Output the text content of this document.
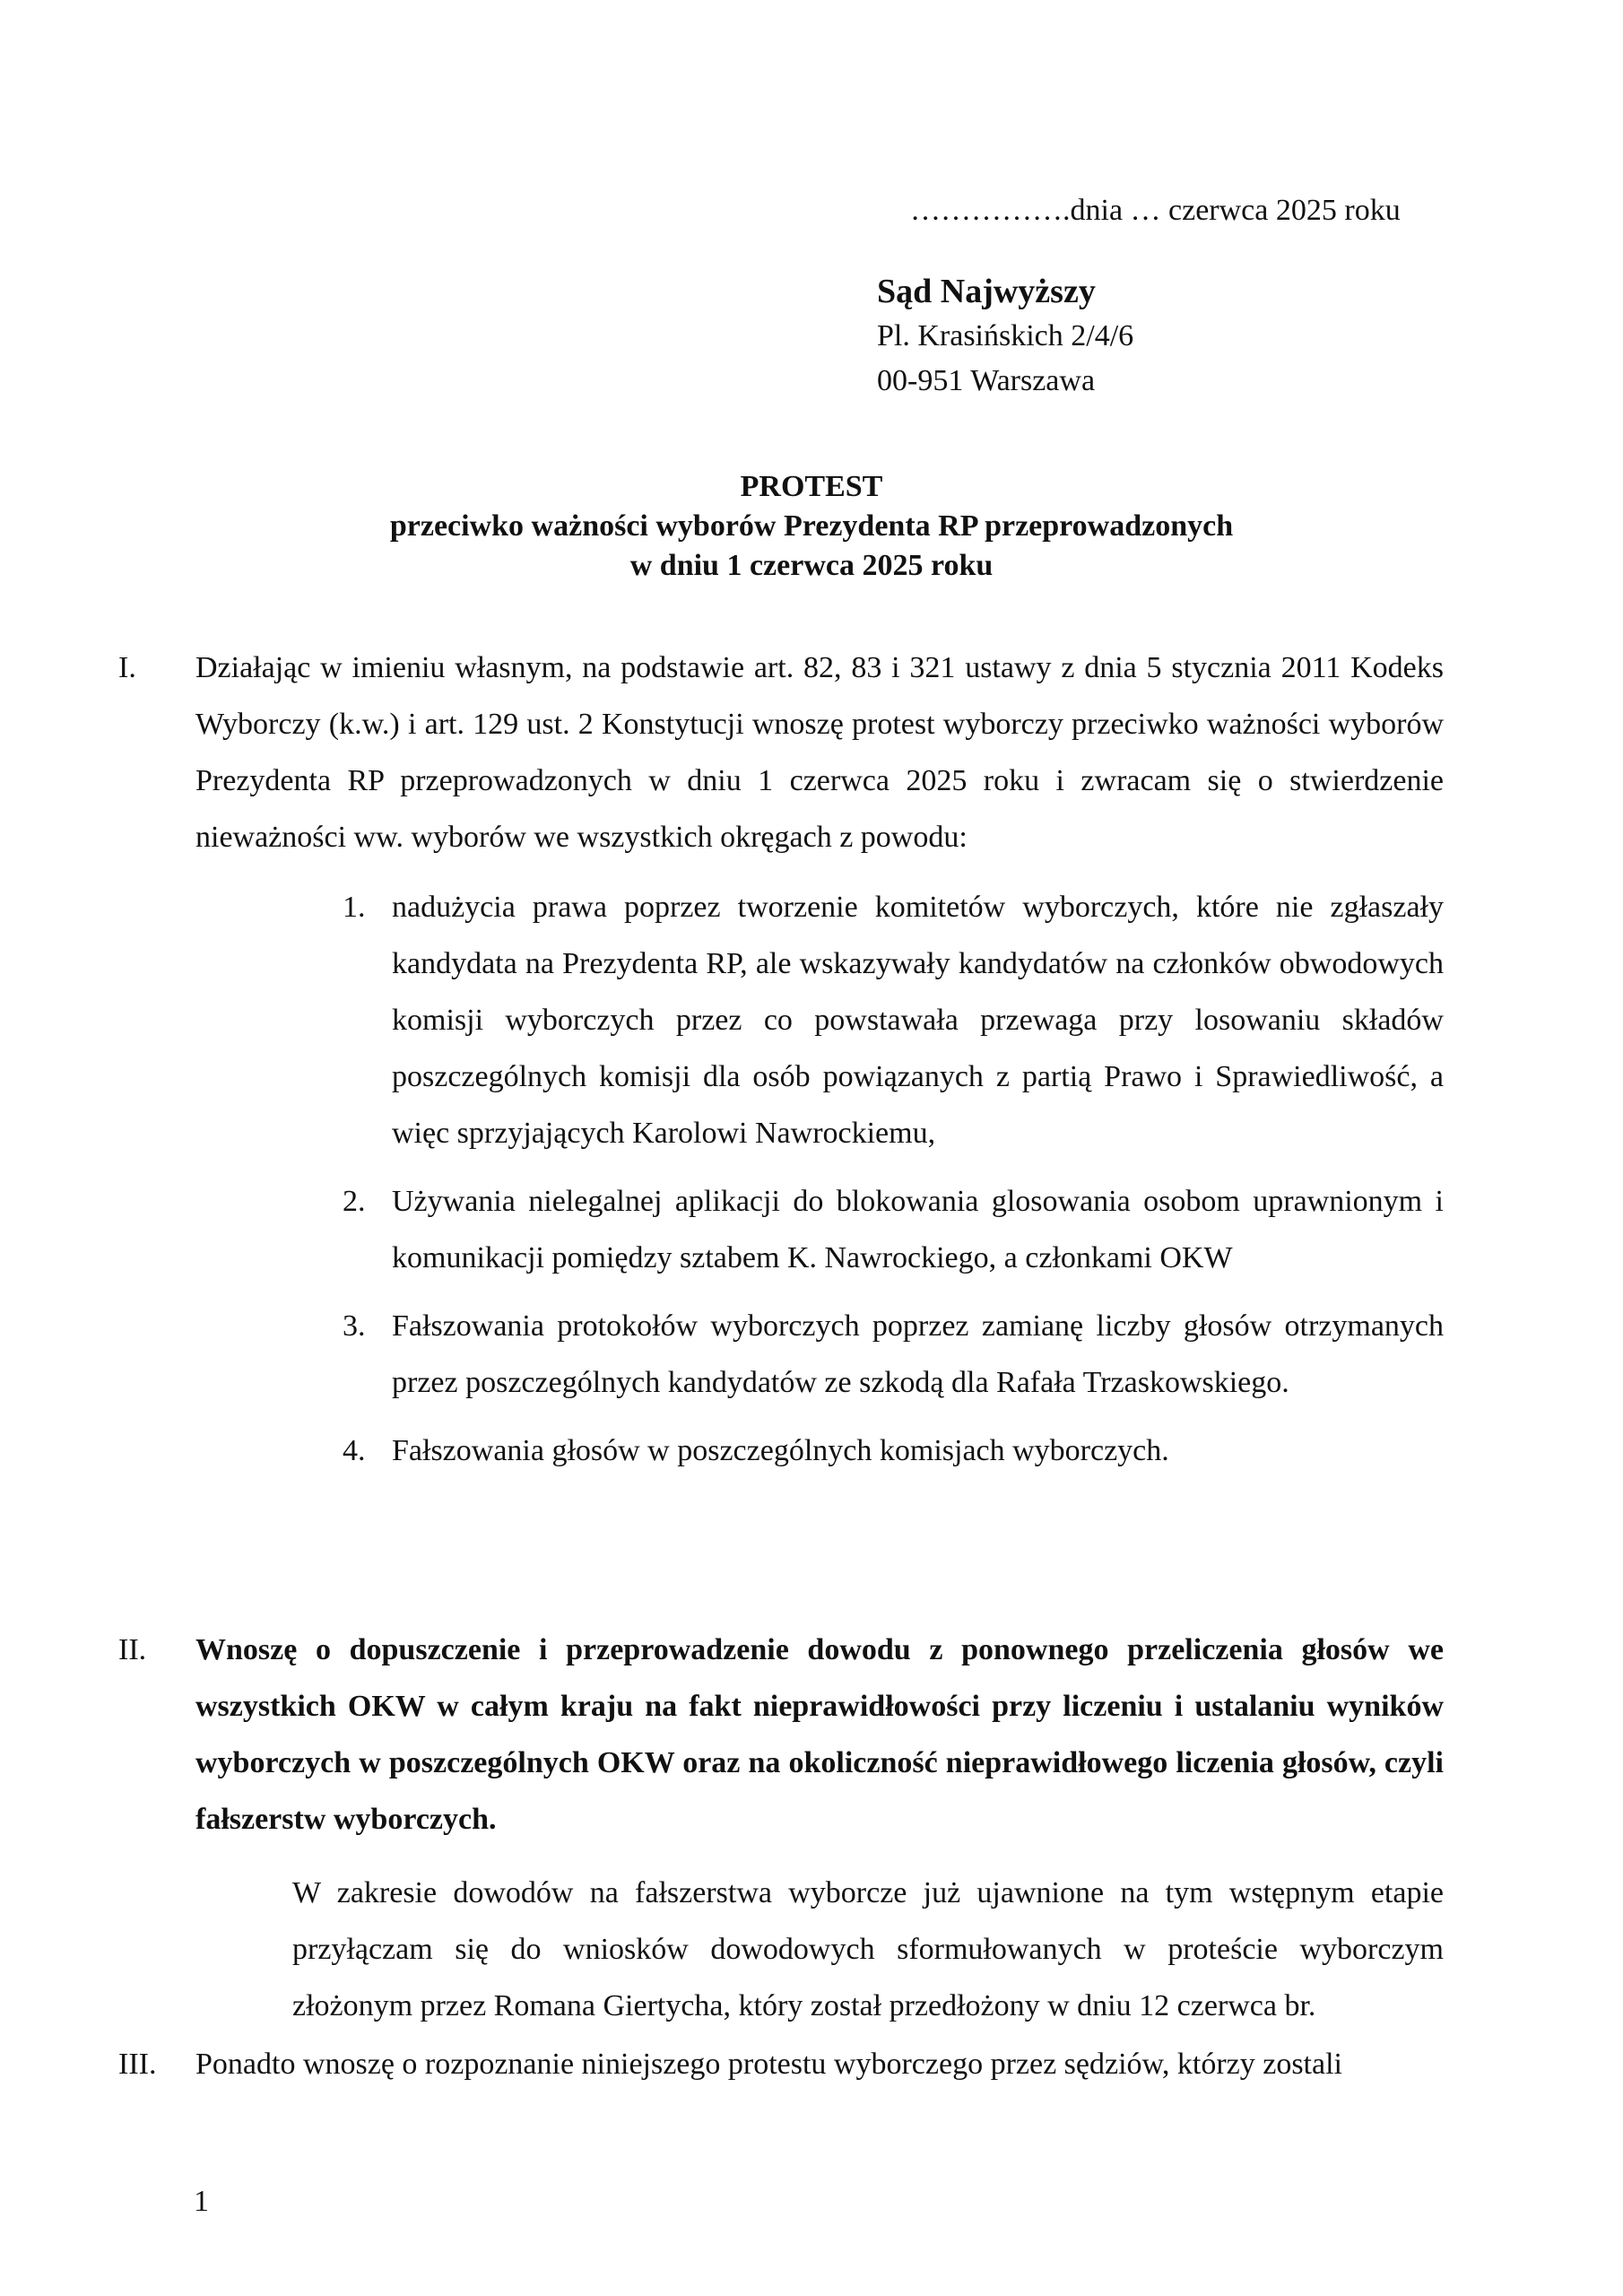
…………….dnia … czerwca 2025 roku
Sąd Najwyższy
Pl. Krasińskich 2/4/6
00-951 Warszawa
PROTEST
przeciwko ważności wyborów Prezydenta RP przeprowadzonych
w dniu 1 czerwca 2025 roku
I. Działając w imieniu własnym, na podstawie art. 82, 83 i 321 ustawy z dnia 5 stycznia 2011 Kodeks Wyborczy (k.w.) i art. 129 ust. 2 Konstytucji wnoszę protest wyborczy przeciwko ważności wyborów Prezydenta RP przeprowadzonych w dniu 1 czerwca 2025 roku i zwracam się o stwierdzenie nieważności ww. wyborów we wszystkich okręgach z powodu:
1. nadużycia prawa poprzez tworzenie komitetów wyborczych, które nie zgłaszały kandydata na Prezydenta RP, ale wskazywały kandydatów na członków obwodowych komisji wyborczych przez co powstawała przewaga przy losowaniu składów poszczególnych komisji dla osób powiązanych z partią Prawo i Sprawiedliwość, a więc sprzyjających Karolowi Nawrockiemu,
2. Używania nielegalnej aplikacji do blokowania glosowania osobom uprawnionym i komunikacji pomiędzy sztabem K. Nawrockiego, a członkami OKW
3. Fałszowania protokołów wyborczych poprzez zamianę liczby głosów otrzymanych przez poszczególnych kandydatów ze szkodą dla Rafała Trzaskowskiego.
4. Fałszowania głosów w poszczególnych komisjach wyborczych.
II. Wnoszę o dopuszczenie i przeprowadzenie dowodu z ponownego przeliczenia głosów we wszystkich OKW w całym kraju na fakt nieprawidłowości przy liczeniu i ustalaniu wyników wyborczych w poszczególnych OKW oraz na okoliczność nieprawidłowego liczenia głosów, czyli fałszerstw wyborczych.
W zakresie dowodów na fałszerstwa wyborcze już ujawnione na tym wstępnym etapie przyłączam się do wniosków dowodowych sformułowanych w proteście wyborczym złożonym przez Romana Giertycha, który został przedłożony w dniu 12 czerwca br.
III. Ponadto wnoszę o rozpoznanie niniejszego protestu wyborczego przez sędziów, którzy zostali
1
